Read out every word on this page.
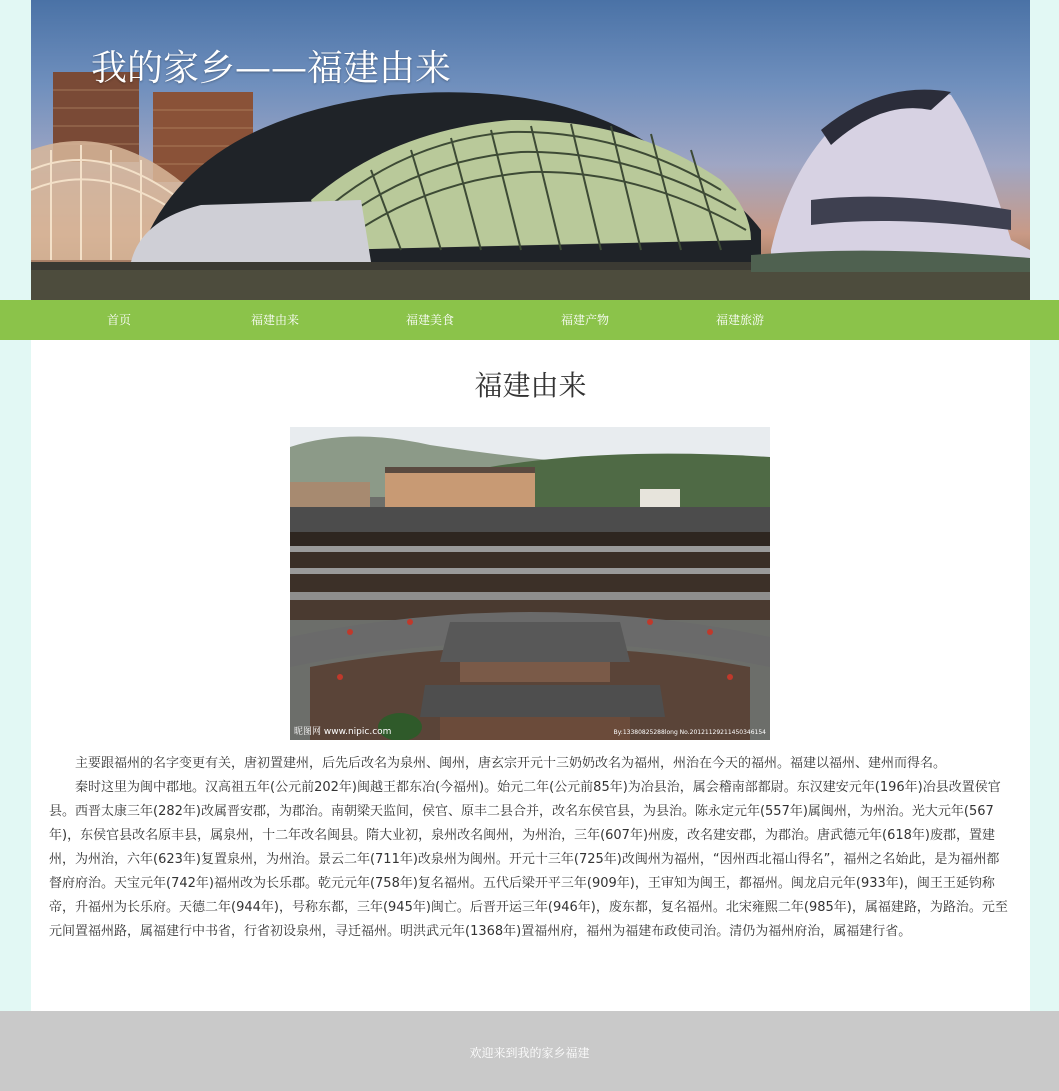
我的家乡——福建由来
首页	福建由来	福建美食	福建产物	福建旅游
福建由来
昵图网 www.nipic.com	By:13380825288long No.20121129211450346154

主要跟福州的名字变更有关，唐初置建州，后先后改名为泉州、闽州，唐玄宗开元十三奶奶改名为福州，州治在今天的福州。福建以福州、建州而得名。

秦时这里为闽中郡地。汉高祖五年(公元前202年)闽越王都东冶(今福州)。始元二年(公元前85年)为冶县治，属会稽南部都尉。东汉建安元年(196年)冶县改置侯官县。西晋太康三年(282年)改属晋安郡，为郡治。南朝梁天监间，侯官、原丰二县合并，改名东侯官县，为县治。陈永定元年(557年)属闽州，为州治。光大元年(567年)，东侯官县改名原丰县，属泉州，十二年改名闽县。隋大业初，泉州改名闽州，为州治，三年(607年)州废，改名建安郡，为郡治。唐武德元年(618年)废郡，置建州，为州治，六年(623年)复置泉州，为州治。景云二年(711年)改泉州为闽州。开元十三年(725年)改闽州为福州，“因州西北福山得名”，福州之名始此，是为福州都督府府治。天宝元年(742年)福州改为长乐郡。乾元元年(758年)复名福州。五代后梁开平三年(909年)，王审知为闽王，都福州。闽龙启元年(933年)，闽王王延钧称帝，升福州为长乐府。天德二年(944年)，号称东都，三年(945年)闽亡。后晋开运三年(946年)，废东都，复名福州。北宋雍熙二年(985年)，属福建路，为路治。元至元间置福州路，属福建行中书省，行省初设泉州，寻迁福州。明洪武元年(1368年)置福州府，福州为福建布政使司治。清仍为福州府治，属福建行省。

欢迎来到我的家乡福建
